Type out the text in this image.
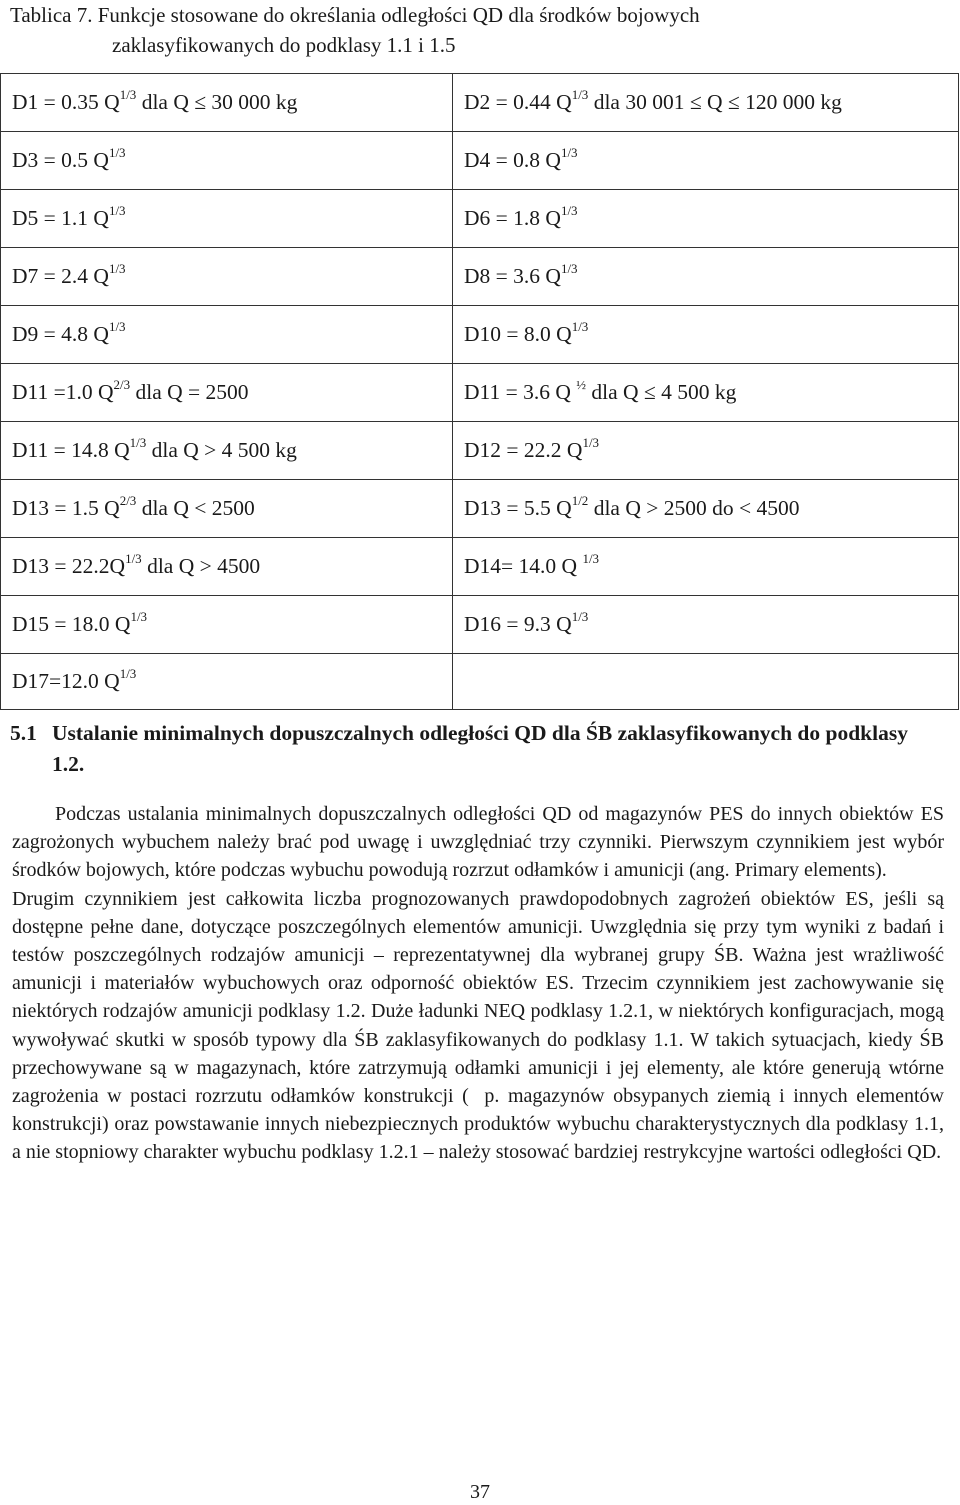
Tablica 7. Funkcje stosowane do określania odległości QD dla środków bojowych
zaklasyfikowanych do podklasy 1.1 i 1.5
D1 = 0.35 $Q^{1/3}$ dla Q ≤ 30 000 kg	D2 = 0.44 $Q^{1/3}$ dla 30 001 ≤ Q ≤ 120 000 kg
D3 = 0.5 $Q^{1/3}$	D4 = 0.8 $Q^{1/3}$
D5 = 1.1 $Q^{1/3}$	D6 = 1.8 $Q^{1/3}$
D7 = 2.4 $Q^{1/3}$	D8 = 3.6 $Q^{1/3}$
D9 = 4.8 $Q^{1/3}$	D10 = 8.0 $Q^{1/3}$
D11 =1.0 $Q^{2/3}$ dla Q = 2500	D11 = 3.6 Q $^{\frac{1}{2}}$ dla Q ≤ 4 500 kg
D11 = 14.8 $Q^{1/3}$ dla Q > 4 500 kg	D12 = 22.2 $Q^{1/3}$
D13 = 1.5 $Q^{2/3}$ dla Q < 2500	D13 = 5.5 $Q^{1/2}$ dla Q > 2500 do < 4500
$D13 = 22.2Q^{1/3}$ dla Q > 4500	D14= 14.0 Q $^{1/3}$
D15 = 18.0 $Q^{1/3}$	D16 = 9.3 $Q^{1/3}$
D17=12.0 $Q^{1/3}$	
5.1 Ustalanie minimalnych dopuszczalnych odległości QD dla ŚB zaklasyfikowanych do podklasy 1.2.

Podczas ustalania minimalnych dopuszczalnych odległości QD od magazynów PES do innych obiektów ES zagrożonych wybuchem należy brać pod uwagę i uwzględniać trzy czynniki. Pierwszym czynnikiem jest wybór środków bojowych, które podczas wybuchu powodują rozrzut odłamków i amunicji (ang. Primary elements).

Drugim czynnikiem jest całkowita liczba prognozowanych prawdopodobnych zagrożeń obiektów ES, jeśli są dostępne pełne dane, dotyczące poszczególnych elementów amunicji. Uwzględnia się przy tym wyniki z badań i testów poszczególnych rodzajów amunicji – reprezentatywnej dla wybranej grupy ŚB. Ważna jest wrażliwość amunicji i materiałów wybuchowych oraz odporność obiektów ES. Trzecim czynnikiem jest zachowywanie się niektórych rodzajów amunicji podklasy 1.2. Duże ładunki NEQ podklasy 1.2.1, w niektórych konfiguracjach, mogą wywoływać skutki w sposób typowy dla ŚB zaklasyfikowanych do podklasy 1.1. W takich sytuacjach, kiedy ŚB przechowywane są w magazynach, które zatrzymują odłamki amunicji i jej elementy, ale które generują wtórne zagrożenia w postaci rozrzutu odłamków konstrukcji ( p. magazynów obsypanych ziemią i innych elementów konstrukcji) oraz powstawanie innych niebezpiecznych produktów wybuchu charakterystycznych dla podklasy 1.1, a nie stopniowy charakter wybuchu podklasy 1.2.1 – należy stosować bardziej restrykcyjne wartości odległości QD.

37
